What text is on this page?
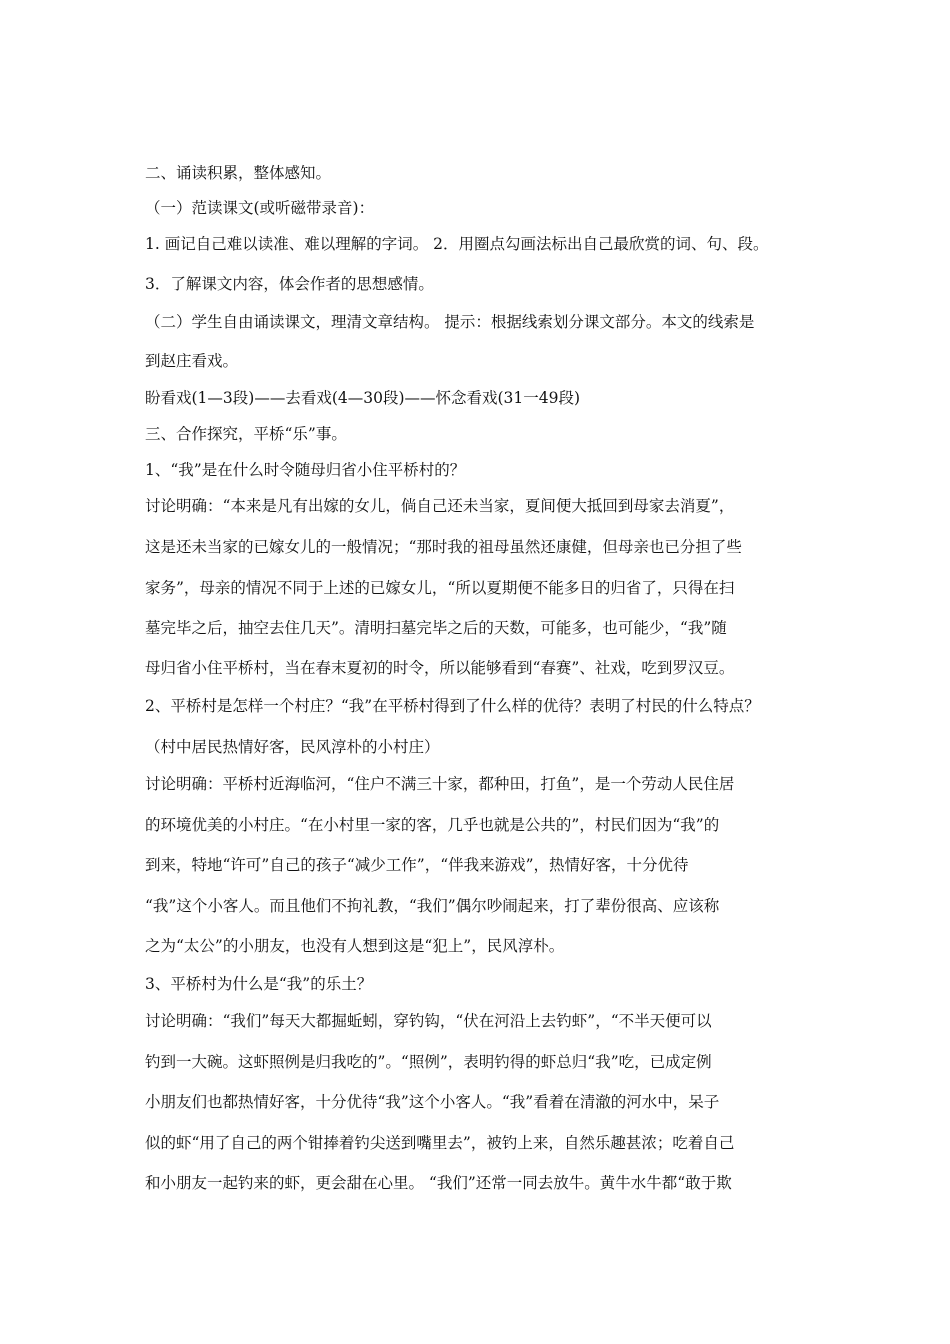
二、诵读积累，整体感知。
（一）范读课文(或听磁带录音)：
1. 画记自己难以读准、难以理解的字词。 2．用圈点勾画法标出自己最欣赏的词、句、段。
3．了解课文内容，体会作者的思想感情。
（二）学生自由诵读课文，理清文章结构。 提示：根据线索划分课文部分。本文的线索是
到赵庄看戏。
盼看戏(1—3段)——去看戏(4—30段)——怀念看戏(31一49段)
三、合作探究，平桥“乐”事。
1、“我”是在什么时令随母归省小住平桥村的？
讨论明确：“本来是凡有出嫁的女儿，倘自己还未当家，夏间便大抵回到母家去消夏”，
这是还未当家的已嫁女儿的一般情况；“那时我的祖母虽然还康健，但母亲也已分担了些
家务”，母亲的情况不同于上述的已嫁女儿，“所以夏期便不能多日的归省了，只得在扫
墓完毕之后，抽空去住几天”。清明扫墓完毕之后的天数，可能多，也可能少，“我”随
母归省小住平桥村，当在春末夏初的时令，所以能够看到“春赛”、社戏，吃到罗汉豆。
2、平桥村是怎样一个村庄？“我”在平桥村得到了什么样的优待？表明了村民的什么特点？
（村中居民热情好客，民风淳朴的小村庄）
讨论明确：平桥村近海临河，“住户不满三十家，都种田，打鱼”，是一个劳动人民住居
的环境优美的小村庄。“在小村里一家的客，几乎也就是公共的”，村民们因为“我”的
到来，特地“许可”自己的孩子“减少工作”，“伴我来游戏”，热情好客，十分优待
“我”这个小客人。而且他们不拘礼教，“我们”偶尔吵闹起来，打了辈份很高、应该称
之为“太公”的小朋友，也没有人想到这是“犯上”，民风淳朴。
3、平桥村为什么是“我”的乐土？
讨论明确：“我们”每天大都掘蚯蚓，穿钓钩，“伏在河沿上去钓虾”，“不半天便可以
钓到一大碗。这虾照例是归我吃的”。“照例”，表明钓得的虾总归“我”吃，已成定例
小朋友们也都热情好客，十分优待“我”这个小客人。“我”看着在清澈的河水中，呆子
似的虾“用了自己的两个钳捧着钓尖送到嘴里去”，被钓上来，自然乐趣甚浓；吃着自己
和小朋友一起钓来的虾，更会甜在心里。 “我们”还常一同去放牛。黄牛水牛都“敢于欺
